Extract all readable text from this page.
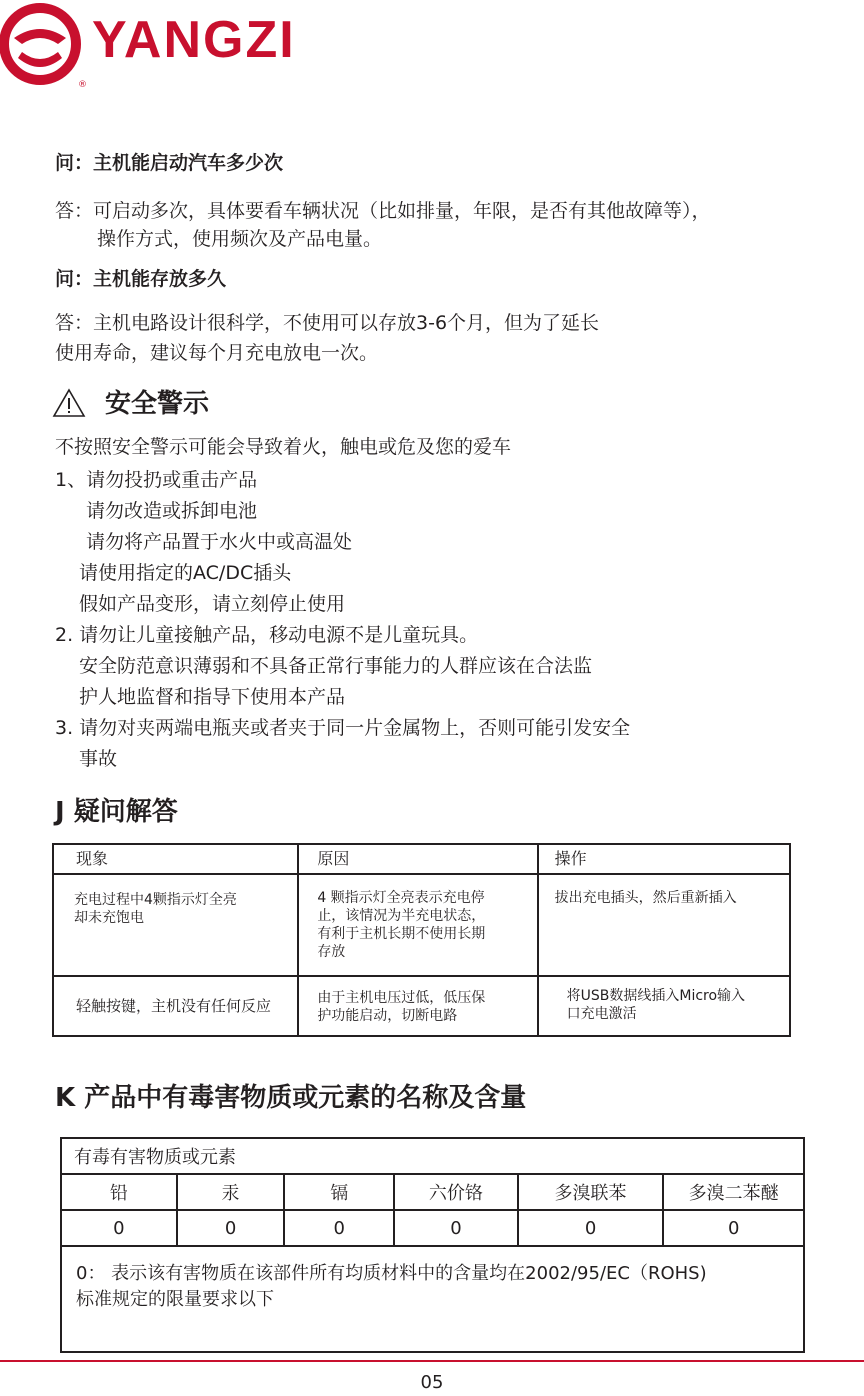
YANGZI
®
问：主机能启动汽车多少次
答：可启动多次，具体要看车辆状况（比如排量，年限，是否有其他故障等），
操作方式，使用频次及产品电量。
问：主机能存放多久
答：主机电路设计很科学，不使用可以存放3-6个月，但为了延长
使用寿命，建议每个月充电放电一次。
安全警示
不按照安全警示可能会导致着火，触电或危及您的爱车
1、请勿投扔或重击产品
请勿改造或拆卸电池
请勿将产品置于水火中或高温处
请使用指定的AC/DC插头
假如产品变形，请立刻停止使用
2. 请勿让儿童接触产品，移动电源不是儿童玩具。
安全防范意识薄弱和不具备正常行事能力的人群应该在合法监
护人地监督和指导下使用本产品
3. 请勿对夹两端电瓶夹或者夹于同一片金属物上，否则可能引发安全
事故
J 疑问解答
现象	原因	操作

充电过程中4颗指示灯全亮
却未充饱电	4 颗指示灯全亮表示充电停
止，该情况为半充电状态，
有利于主机长期不使用长期
存放	拔出充电插头，然后重新插入

轻触按键，主机没有任何反应	由于主机电压过低，低压保
护功能启动，切断电路	将USB数据线插入Micro输入
口充电激活
K 产品中有毒害物质或元素的名称及含量
有毒有害物质或元素					
铅	汞	镉	六价铬	多溴联苯	多溴二苯醚
0	0	0	0	0	0
0： 表示该有害物质在该部件所有均质材料中的含量均在2002/95/EC（ROHS)
标准规定的限量要求以下					
05
